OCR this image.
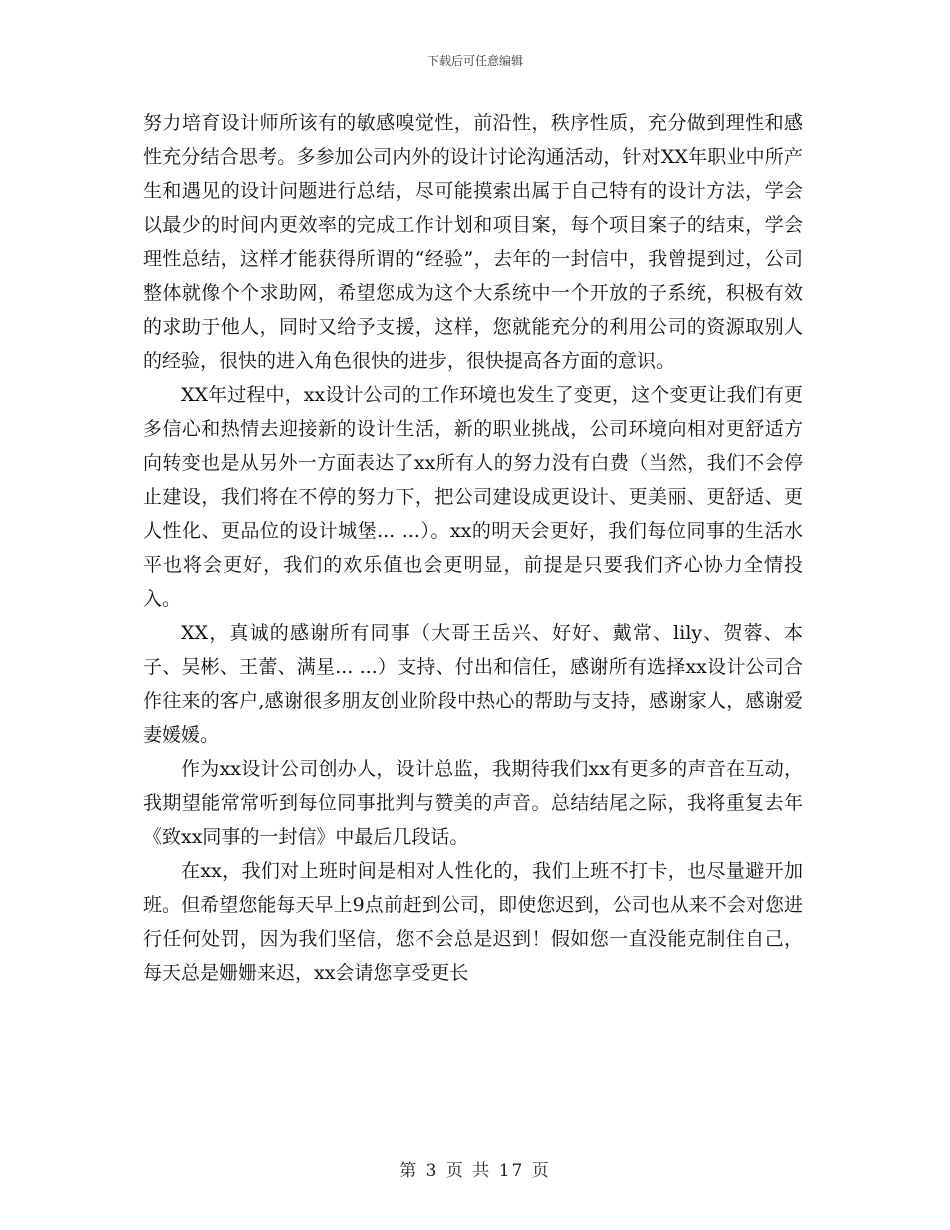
下载后可任意编辑

努力培育设计师所该有的敏感嗅觉性，前沿性，秩序性质，充分做到理性和感性充分结合思考。多参加公司内外的设计讨论沟通活动，针对XX年职业中所产生和遇见的设计问题进行总结，尽可能摸索出属于自己特有的设计方法，学会以最少的时间内更效率的完成工作计划和项目案，每个项目案子的结束，学会理性总结，这样才能获得所谓的“经验”，去年的一封信中，我曾提到过，公司整体就像个个求助网，希望您成为这个大系统中一个开放的子系统，积极有效的求助于他人，同时又给予支援，这样，您就能充分的利用公司的资源取别人的经验，很快的进入角色很快的进步，很快提高各方面的意识。

XX年过程中，xx设计公司的工作环境也发生了变更，这个变更让我们有更多信心和热情去迎接新的设计生活，新的职业挑战，公司环境向相对更舒适方向转变也是从另外一方面表达了xx所有人的努力没有白费（当然，我们不会停止建设，我们将在不停的努力下，把公司建设成更设计、更美丽、更舒适、更人性化、更品位的设计城堡... ...）。xx的明天会更好，我们每位同事的生活水平也将会更好，我们的欢乐值也会更明显，前提是只要我们齐心协力全情投入。

XX，真诚的感谢所有同事（大哥王岳兴、好好、戴常、lily、贺蓉、本子、吴彬、王蕾、满星... ...）支持、付出和信任，感谢所有选择xx设计公司合作往来的客户,感谢很多朋友创业阶段中热心的帮助与支持，感谢家人，感谢爱妻媛媛。

作为xx设计公司创办人，设计总监，我期待我们xx有更多的声音在互动，我期望能常常听到每位同事批判与赞美的声音。总结结尾之际，我将重复去年《致xx同事的一封信》中最后几段话。

在xx，我们对上班时间是相对人性化的，我们上班不打卡，也尽量避开加班。但希望您能每天早上9点前赶到公司，即使您迟到，公司也从来不会对您进行任何处罚，因为我们坚信，您不会总是迟到！假如您一直没能克制住自己，每天总是姗姗来迟，xx会请您享受更长

第 3 页 共 17 页
